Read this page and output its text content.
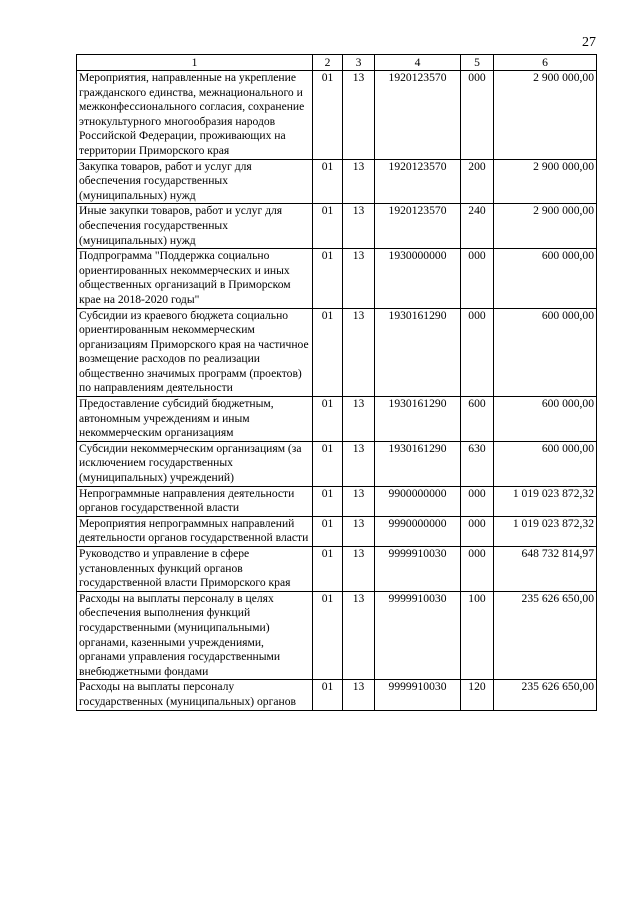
27
1	2	3	4	5	6
Мероприятия, направленные на укрепление гражданского единства, межнационального и межконфессионального согласия, сохранение этнокультурного многообразия народов Российской Федерации, проживающих на территории Приморского края	01	13	1920123570	000	2 900 000,00
Закупка товаров, работ и услуг для обеспечения государственных (муниципальных) нужд	01	13	1920123570	200	2 900 000,00
Иные закупки товаров, работ и услуг для обеспечения государственных (муниципальных) нужд	01	13	1920123570	240	2 900 000,00
Подпрограмма "Поддержка социально ориентированных некоммерческих и иных общественных организаций в Приморском крае на 2018-2020 годы"	01	13	1930000000	000	600 000,00
Субсидии из краевого бюджета социально ориентированным некоммерческим организациям Приморского края на частичное возмещение расходов по реализации общественно значимых программ (проектов) по направлениям деятельности	01	13	1930161290	000	600 000,00
Предоставление субсидий бюджетным, автономным учреждениям и иным некоммерческим организациям	01	13	1930161290	600	600 000,00
Субсидии некоммерческим организациям (за исключением государственных (муниципальных) учреждений)	01	13	1930161290	630	600 000,00
Непрограммные направления деятельности органов государственной власти	01	13	9900000000	000	1 019 023 872,32
Мероприятия непрограммных направлений деятельности органов государственной власти	01	13	9990000000	000	1 019 023 872,32
Руководство и управление в сфере установленных функций органов государственной власти Приморского края	01	13	9999910030	000	648 732 814,97
Расходы на выплаты персоналу в целях обеспечения выполнения функций государственными (муниципальными) органами, казенными учреждениями, органами управления государственными внебюджетными фондами	01	13	9999910030	100	235 626 650,00
Расходы на выплаты персоналу государственных (муниципальных) органов	01	13	9999910030	120	235 626 650,00
